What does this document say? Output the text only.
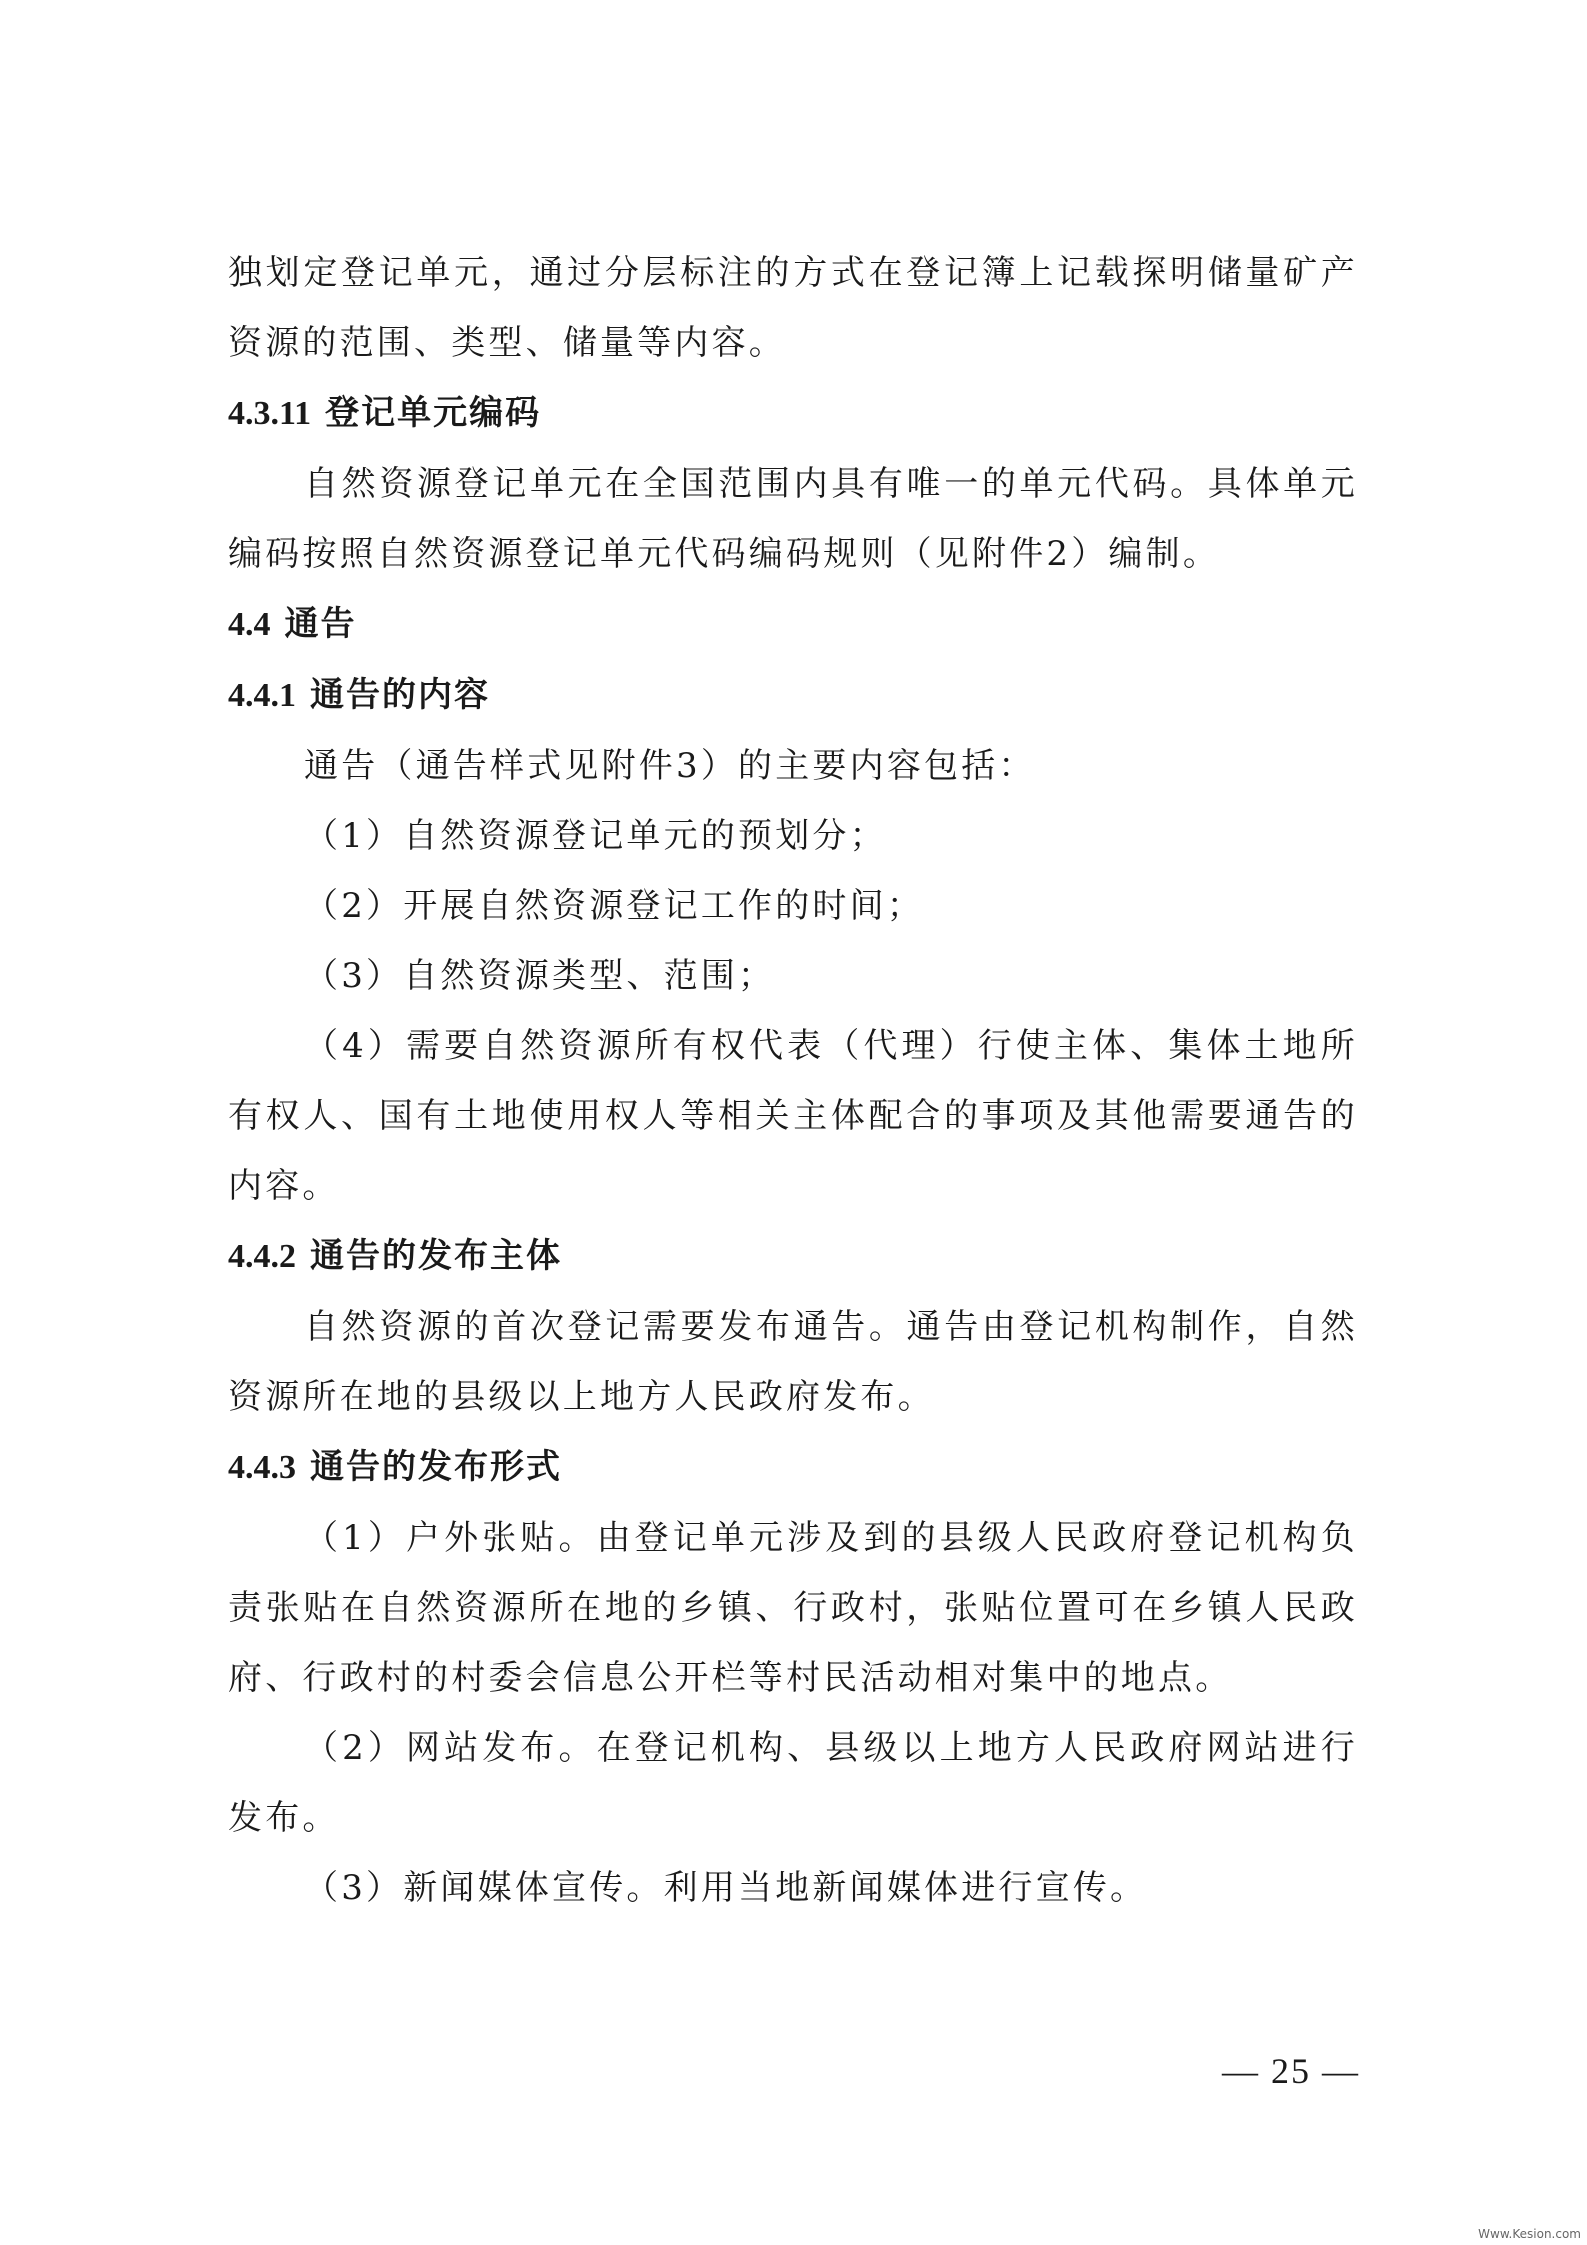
独划定登记单元，通过分层标注的方式在登记簿上记载探明储量矿产资源的范围、类型、储量等内容。

4.3.11 登记单元编码

自然资源登记单元在全国范围内具有唯一的单元代码。具体单元编码按照自然资源登记单元代码编码规则（见附件2）编制。

4.4 通告

4.4.1 通告的内容

通告（通告样式见附件3）的主要内容包括：

（1）自然资源登记单元的预划分；

（2）开展自然资源登记工作的时间；

（3）自然资源类型、范围；

（4）需要自然资源所有权代表（代理）行使主体、集体土地所有权人、国有土地使用权人等相关主体配合的事项及其他需要通告的内容。

4.4.2 通告的发布主体

自然资源的首次登记需要发布通告。通告由登记机构制作，自然资源所在地的县级以上地方人民政府发布。

4.4.3 通告的发布形式

（1）户外张贴。由登记单元涉及到的县级人民政府登记机构负责张贴在自然资源所在地的乡镇、行政村，张贴位置可在乡镇人民政府、行政村的村委会信息公开栏等村民活动相对集中的地点。

（2）网站发布。在登记机构、县级以上地方人民政府网站进行发布。

（3）新闻媒体宣传。利用当地新闻媒体进行宣传。

— 25 —
Www.Kesion.com
